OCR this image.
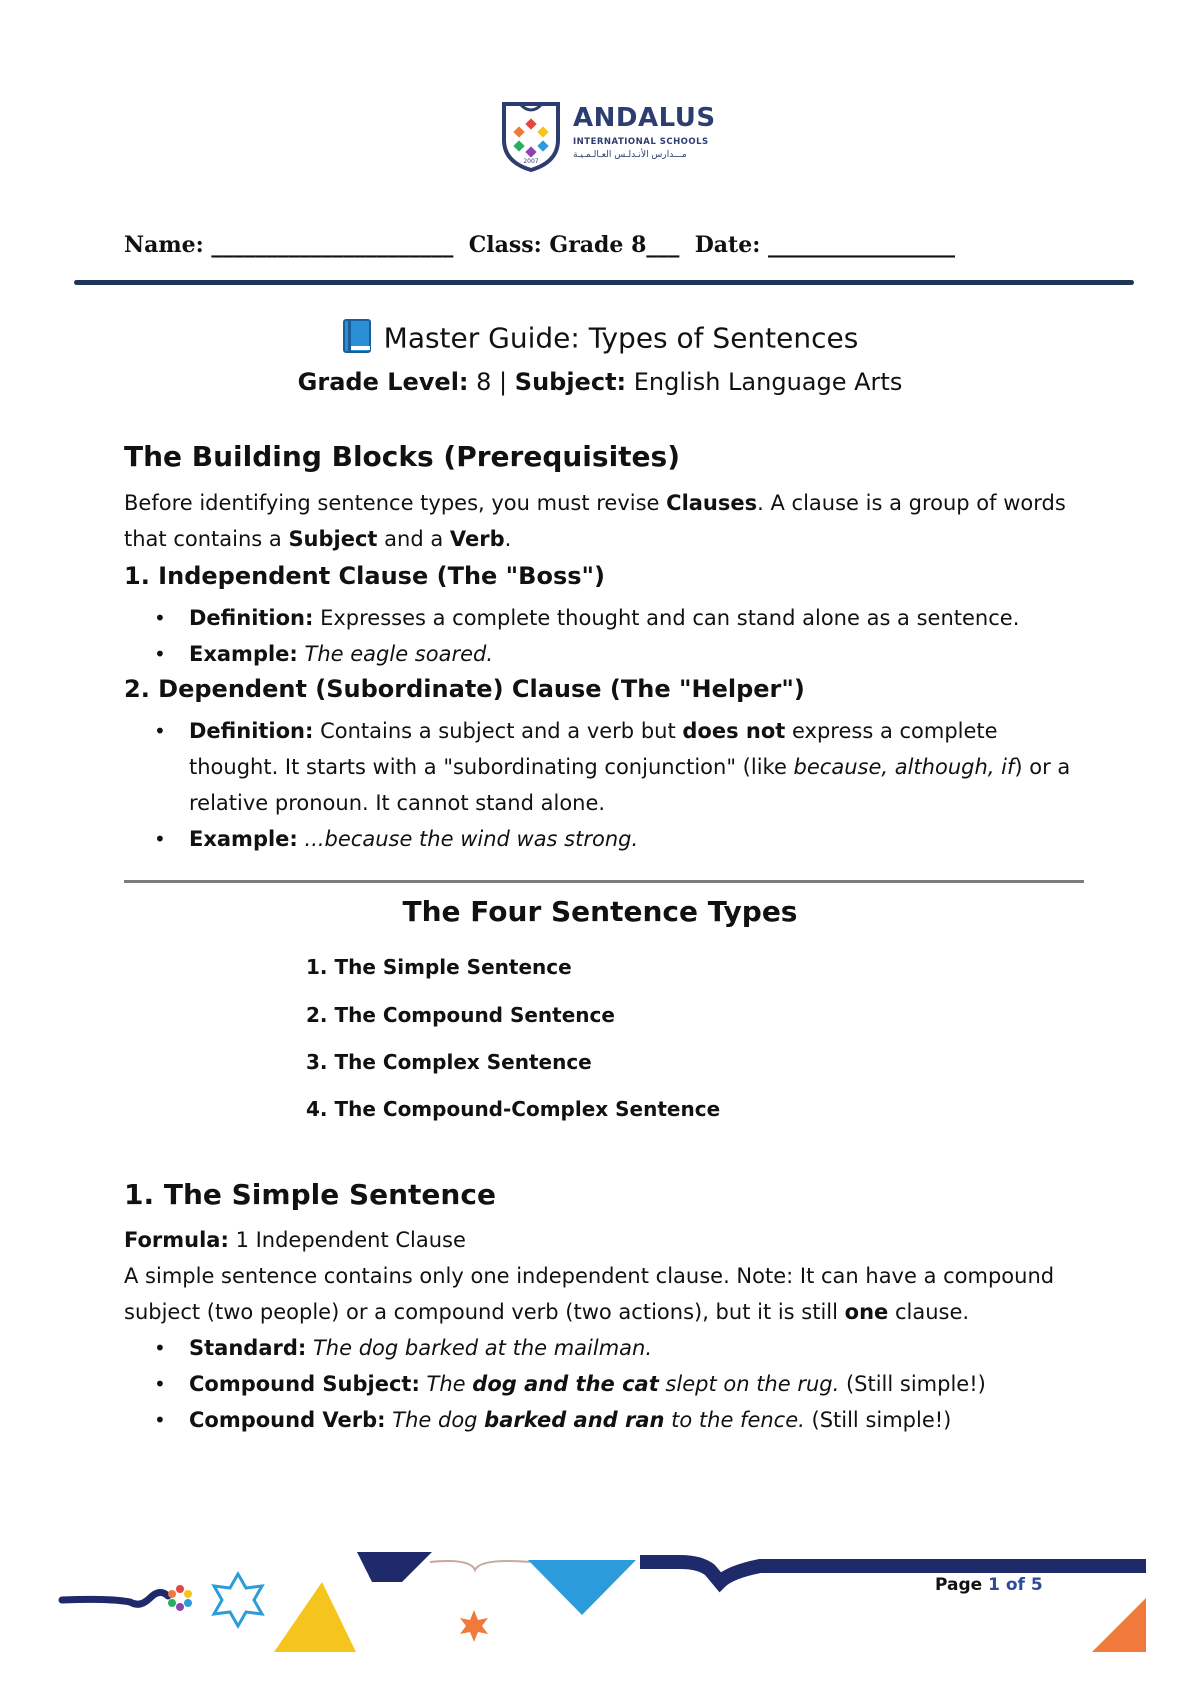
2007
ANDALUS
INTERNATIONAL SCHOOLS
مـــدارس الأنـدلـس العـالـمـيـة
Name: ______________________  Class: Grade 8___  Date: _________________
Master Guide: Types of Sentences
Grade Level: 8 | Subject: English Language Arts
The Building Blocks (Prerequisites)
Before identifying sentence types, you must revise Clauses. A clause is a group of words that contains a Subject and a Verb.
1. Independent Clause (The "Boss")
• Definition: Expresses a complete thought and can stand alone as a sentence.
• Example: The eagle soared.
2. Dependent (Subordinate) Clause (The "Helper")
• Definition: Contains a subject and a verb but does not express a complete thought. It starts with a "subordinating conjunction" (like because, although, if) or a relative pronoun. It cannot stand alone.
• Example: ...because the wind was strong.
The Four Sentence Types
1. The Simple Sentence
2. The Compound Sentence
3. The Complex Sentence
4. The Compound-Complex Sentence
1. The Simple Sentence
Formula: 1 Independent Clause
A simple sentence contains only one independent clause. Note: It can have a compound subject (two people) or a compound verb (two actions), but it is still one clause.
• Standard: The dog barked at the mailman.
• Compound Subject: The dog and the cat slept on the rug. (Still simple!)
• Compound Verb: The dog barked and ran to the fence. (Still simple!)
Page 1 of 5
